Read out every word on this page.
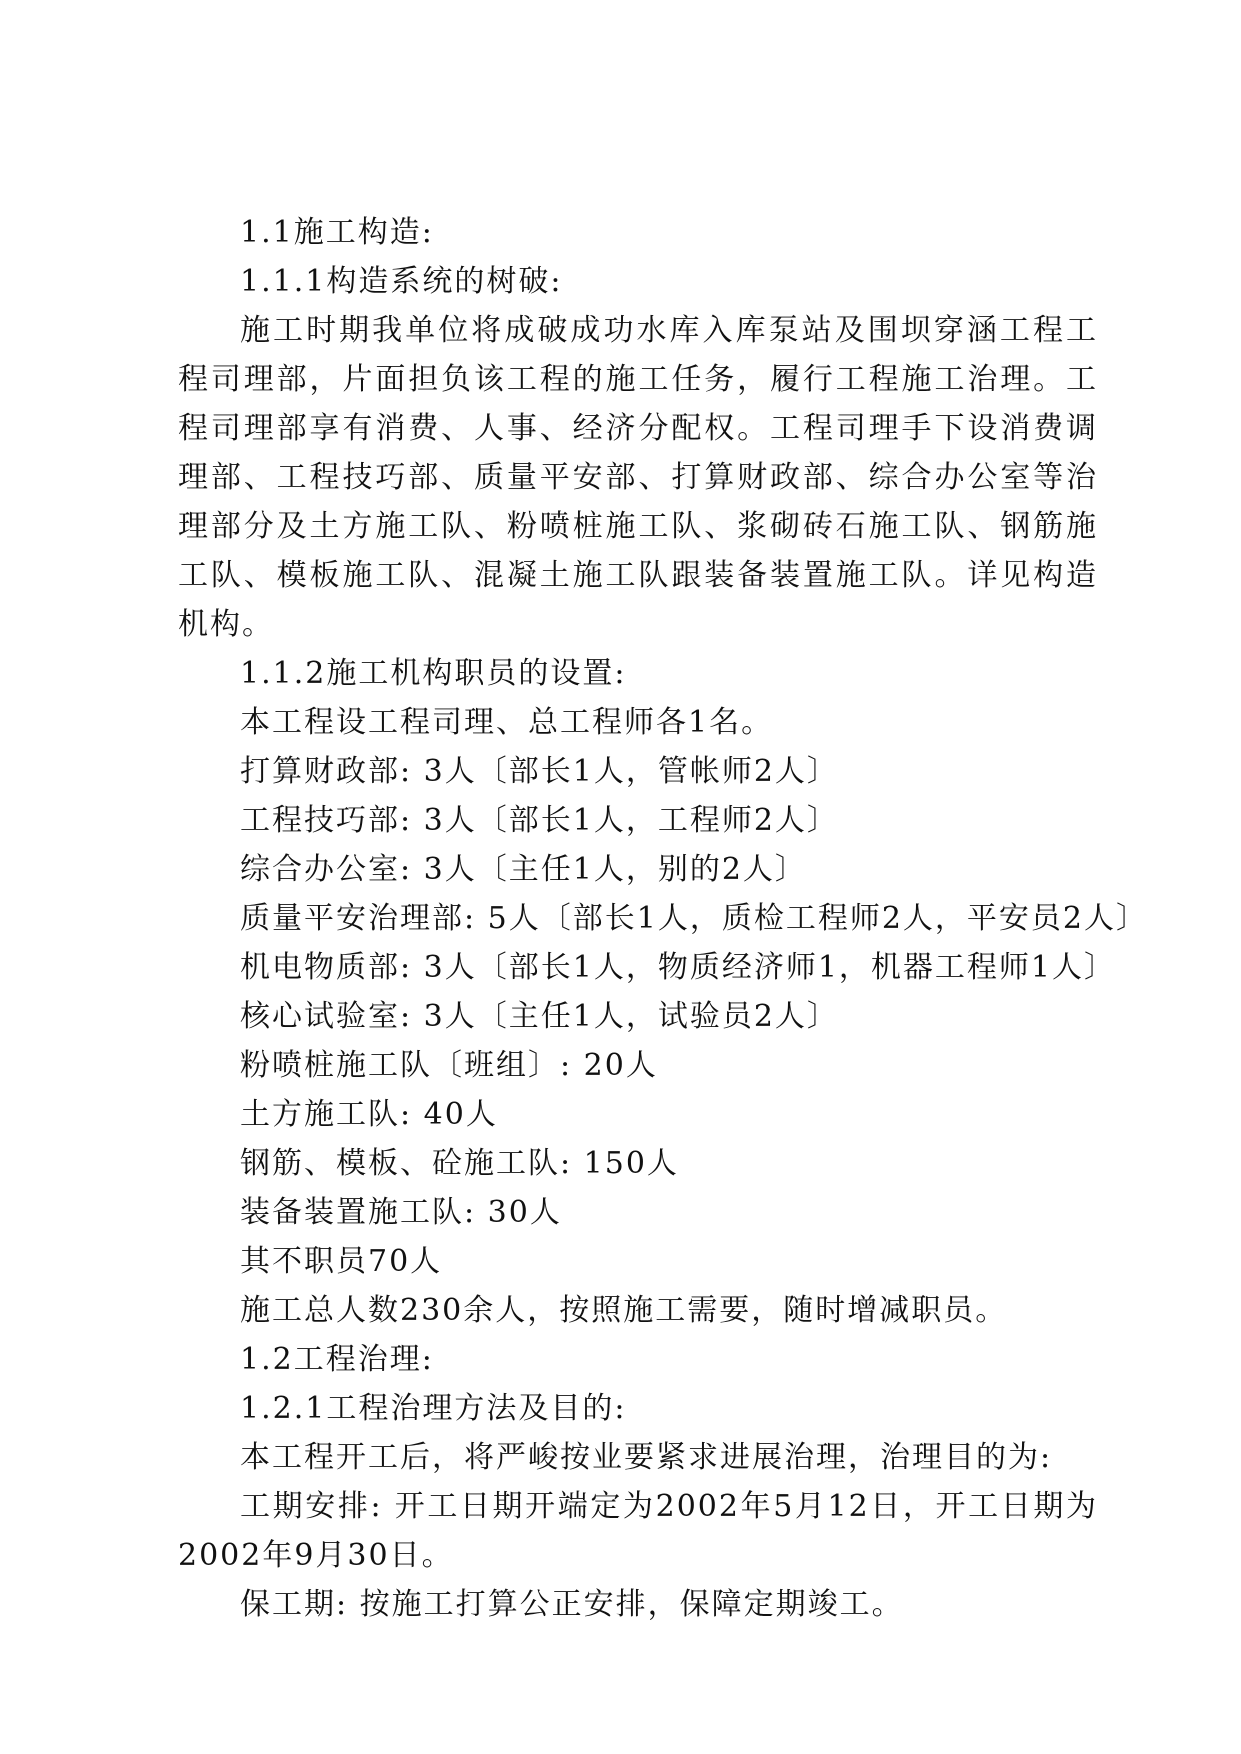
1.1施工构造:
1.1.1构造系统的树破:

施工时期我单位将成破成功水库入库泵站及围坝穿涵工程工程司理部，片面担负该工程的施工任务，履行工程施工治理。工程司理部享有消费、人事、经济分配权。工程司理手下设消费调理部、工程技巧部、质量平安部、打算财政部、综合办公室等治理部分及土方施工队、粉喷桩施工队、浆砌砖石施工队、钢筋施工队、模板施工队、混凝土施工队跟装备装置施工队。详见构造机构。

1.1.2施工机构职员的设置:
本工程设工程司理、总工程师各1名。
打算财政部: 3人〔部长1人，管帐师2人〕
工程技巧部: 3人〔部长1人，工程师2人〕
综合办公室: 3人〔主任1人，别的2人〕
质量平安治理部: 5人〔部长1人，质检工程师2人，平安员2人〕
机电物质部: 3人〔部长1人，物质经济师1，机器工程师1人〕
核心试验室: 3人〔主任1人，试验员2人〕
粉喷桩施工队〔班组〕: 20人
土方施工队: 40人
钢筋、模板、砼施工队: 150人
装备装置施工队: 30人
其不职员70人
施工总人数230余人，按照施工需要，随时增减职员。
1.2工程治理:
1.2.1工程治理方法及目的:
本工程开工后，将严峻按业要紧求进展治理，治理目的为:

工期安排: 开工日期开端定为2002年5月12日，开工日期为2002年9月30日。

保工期: 按施工打算公正安排，保障定期竣工。
